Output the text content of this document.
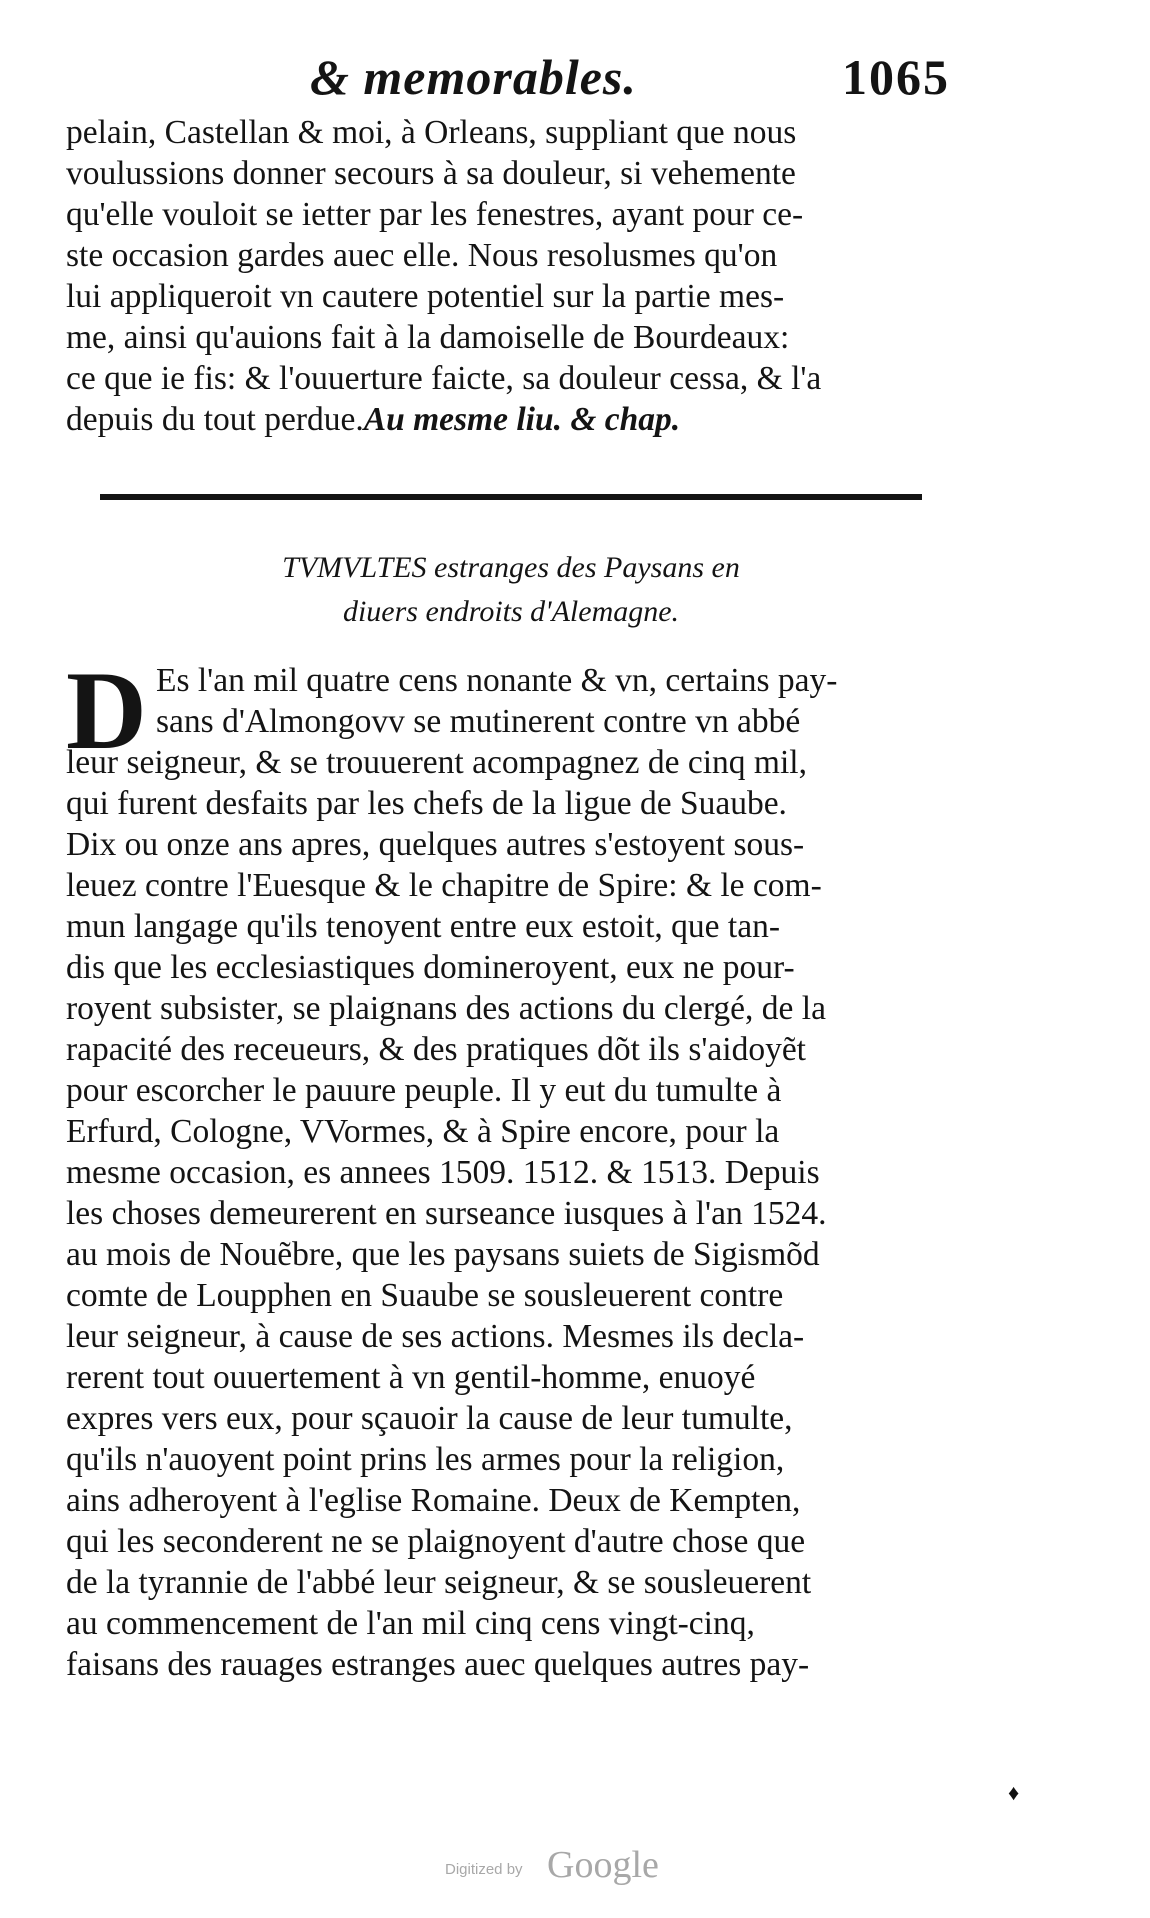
& memorables.	1065
pelain, Castellan & moi, à Orleans, suppliant que nous
voulussions donner secours à sa douleur, si vehemente
qu'elle vouloit se ietter par les fenestres, ayant pour ce-
ste occasion gardes auec elle. Nous resolusmes qu'on
lui appliqueroit vn cautere potentiel sur la partie mes-
me, ainsi qu'auions fait à la damoiselle de Bourdeaux:
ce que ie fis: & l'ouuerture faicte, sa douleur cessa, & l'a
depuis du tout perdue.Au mesme liu. & chap.
TVMVLTES estranges des Paysans en
diuers endroits d'Alemagne.
D Es l'an mil quatre cens nonante & vn, certains pay-
sans d'Almongovv se mutinerent contre vn abbé
leur seigneur, & se trouuerent acompagnez de cinq mil,
qui furent desfaits par les chefs de la ligue de Suaube.
Dix ou onze ans apres, quelques autres s'estoyent sous-
leuez contre l'Euesque & le chapitre de Spire: & le com-
mun langage qu'ils tenoyent entre eux estoit, que tan-
dis que les ecclesiastiques domineroyent, eux ne pour-
royent subsister, se plaignans des actions du clergé, de la
rapacité des receueurs, & des pratiques dõt ils s'aidoyẽt
pour escorcher le pauure peuple. Il y eut du tumulte à
Erfurd, Cologne, VVormes, & à Spire encore, pour la
mesme occasion, es annees 1509. 1512. & 1513. Depuis
les choses demeurerent en surseance iusques à l'an 1524.
au mois de Nouẽbre, que les paysans suiets de Sigismõd
comte de Loupphen en Suaube se sousleuerent contre
leur seigneur, à cause de ses actions. Mesmes ils decla-
rerent tout ouuertement à vn gentil-homme, enuoyé
expres vers eux, pour sçauoir la cause de leur tumulte,
qu'ils n'auoyent point prins les armes pour la religion,
ains adheroyent à l'eglise Romaine. Deux de Kempten,
qui les seconderent ne se plaignoyent d'autre chose que
de la tyrannie de l'abbé leur seigneur, & se sousleuerent
au commencement de l'an mil cinq cens vingt-cinq,
faisans des rauages estranges auec quelques autres pay-
♦
Digitized by Google
